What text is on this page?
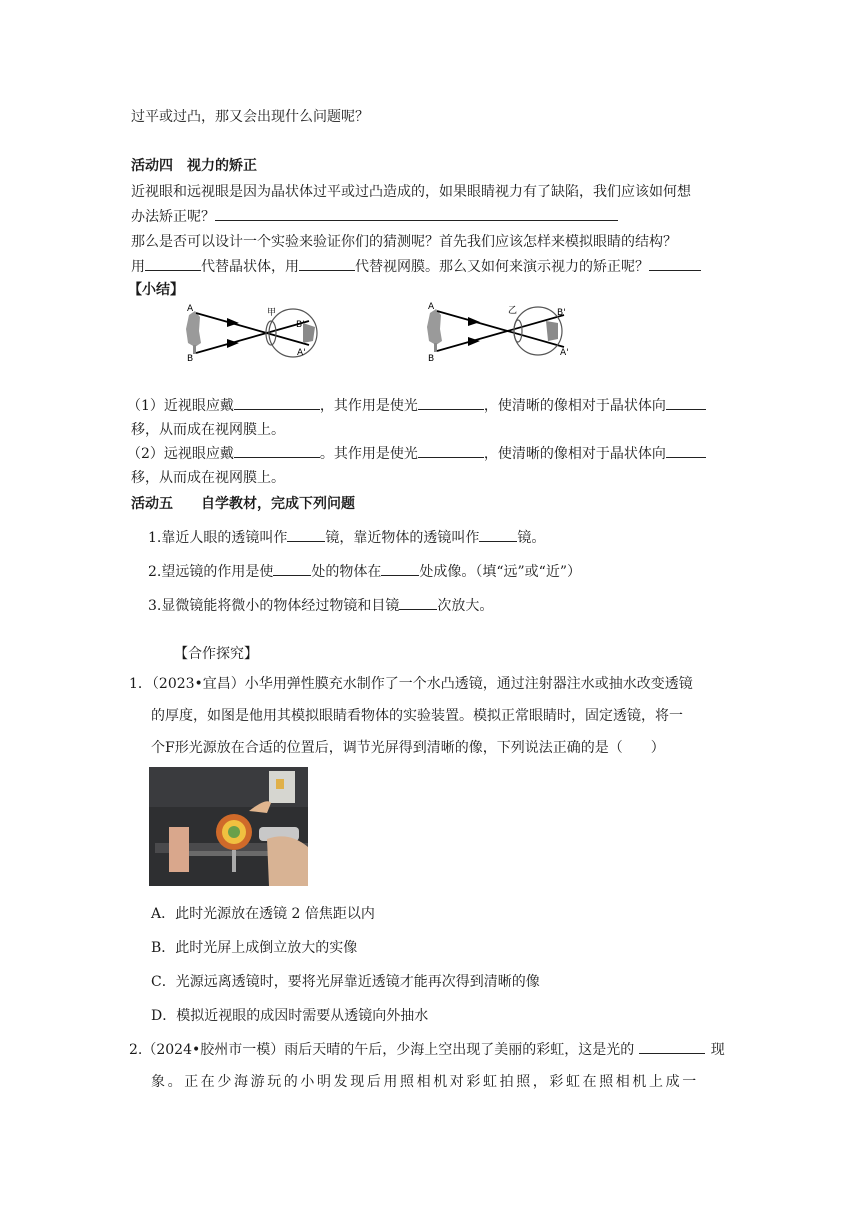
过平或过凸，那又会出现什么问题呢？
活动四　视力的矫正
近视眼和远视眼是因为晶状体过平或过凸造成的，如果眼睛视力有了缺陷，我们应该如何想
办法矫正呢？
那么是否可以设计一个实验来验证你们的猜测呢？首先我们应该怎样来模拟眼睛的结构？
用	代替晶状体，用	代替视网膜。那么又如何来演示视力的矫正呢？
【小结】
A
B
甲
B'
A'
A
B
乙	B'
A'
（1）近视眼应戴	，其作用是使光	，使清晰的像相对于晶状体向
移，从而成在视网膜上。
（2）远视眼应戴	。其作用是使光	，使清晰的像相对于晶状体向
移，从而成在视网膜上。
活动五　　自学教材，完成下列问题
1.靠近人眼的透镜叫作	镜，靠近物体的透镜叫作	镜。
2.望远镜的作用是使	处的物体在	处成像。（填“远”或“近”）
3.显微镜能将微小的物体经过物镜和目镜	次放大。
【合作探究】
1．（2023•宜昌）小华用弹性膜充水制作了一个水凸透镜，通过注射器注水或抽水改变透镜
的厚度，如图是他用其模拟眼睛看物体的实验装置。模拟正常眼睛时，固定透镜，将一
个F形光源放在合适的位置后，调节光屏得到清晰的像，下列说法正确的是（　　）
A．此时光源放在透镜 2 倍焦距以内
B．此时光屏上成倒立放大的实像
C．光源远离透镜时，要将光屏靠近透镜才能再次得到清晰的像
D．模拟近视眼的成因时需要从透镜向外抽水
2.（2024•胶州市一模）雨后天晴的午后，少海上空出现了美丽的彩虹，这是光的	现
象。正在少海游玩的小明发现后用照相机对彩虹拍照，彩虹在照相机上成一
